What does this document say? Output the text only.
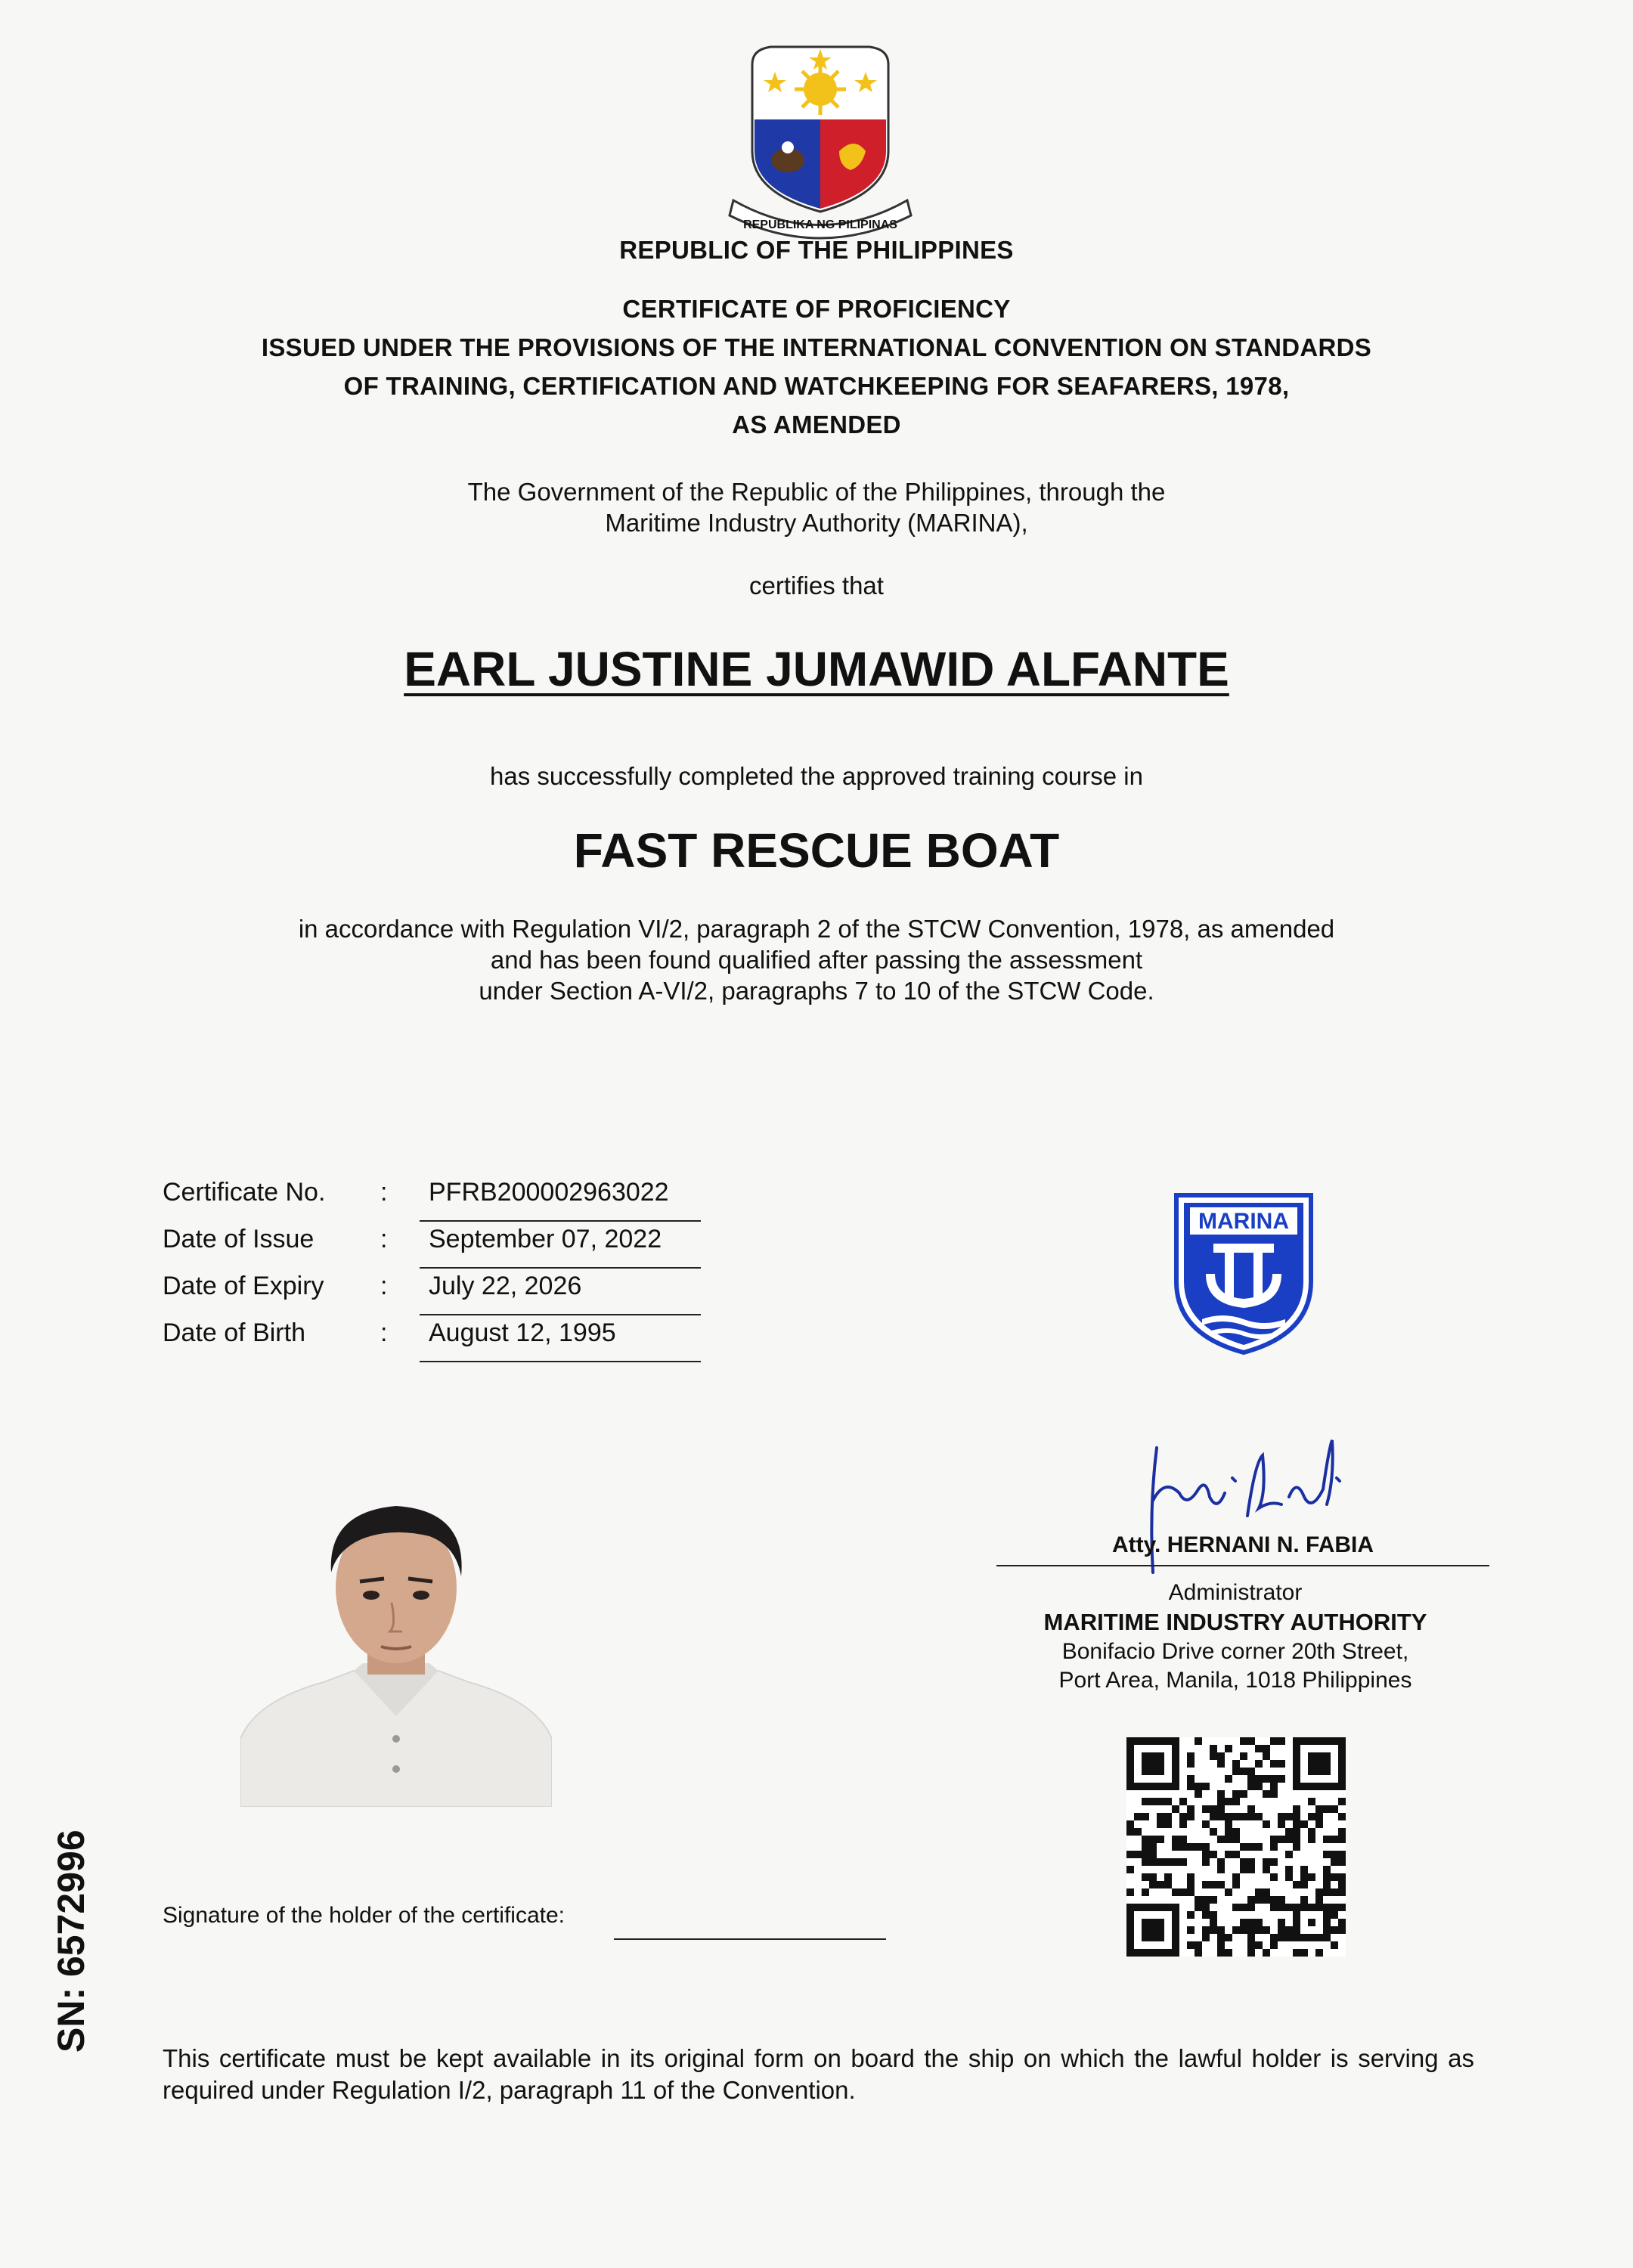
REPUBLIKA NG PILIPINAS
REPUBLIC OF THE PHILIPPINES
CERTIFICATE OF PROFICIENCY
ISSUED UNDER THE PROVISIONS OF THE INTERNATIONAL CONVENTION ON STANDARDS
OF TRAINING, CERTIFICATION AND WATCHKEEPING FOR SEAFARERS, 1978,
AS AMENDED
The Government of the Republic of the Philippines, through the
Maritime Industry Authority (MARINA),
certifies that
EARL JUSTINE JUMAWID ALFANTE
has successfully completed the approved training course in
FAST RESCUE BOAT
in accordance with Regulation VI/2, paragraph 2 of the STCW Convention, 1978, as amended
and has been found qualified after passing the assessment
under Section A-VI/2, paragraphs 7 to 10 of the STCW Code.
Certificate No.	:	PFRB200002963022
Date of Issue	:	September 07, 2022
Date of Expiry	:	July 22, 2026
Date of Birth	:	August 12, 1995
MARINA
Atty. HERNANI N. FABIA
Administrator
MARITIME INDUSTRY AUTHORITY
Bonifacio Drive corner 20th Street,
Port Area, Manila, 1018 Philippines
Signature of the holder of the certificate:
SN: 6572996
This certificate must be kept available in its original form on board the ship on which the lawful holder is serving as required under Regulation I/2, paragraph 11 of the Convention.
